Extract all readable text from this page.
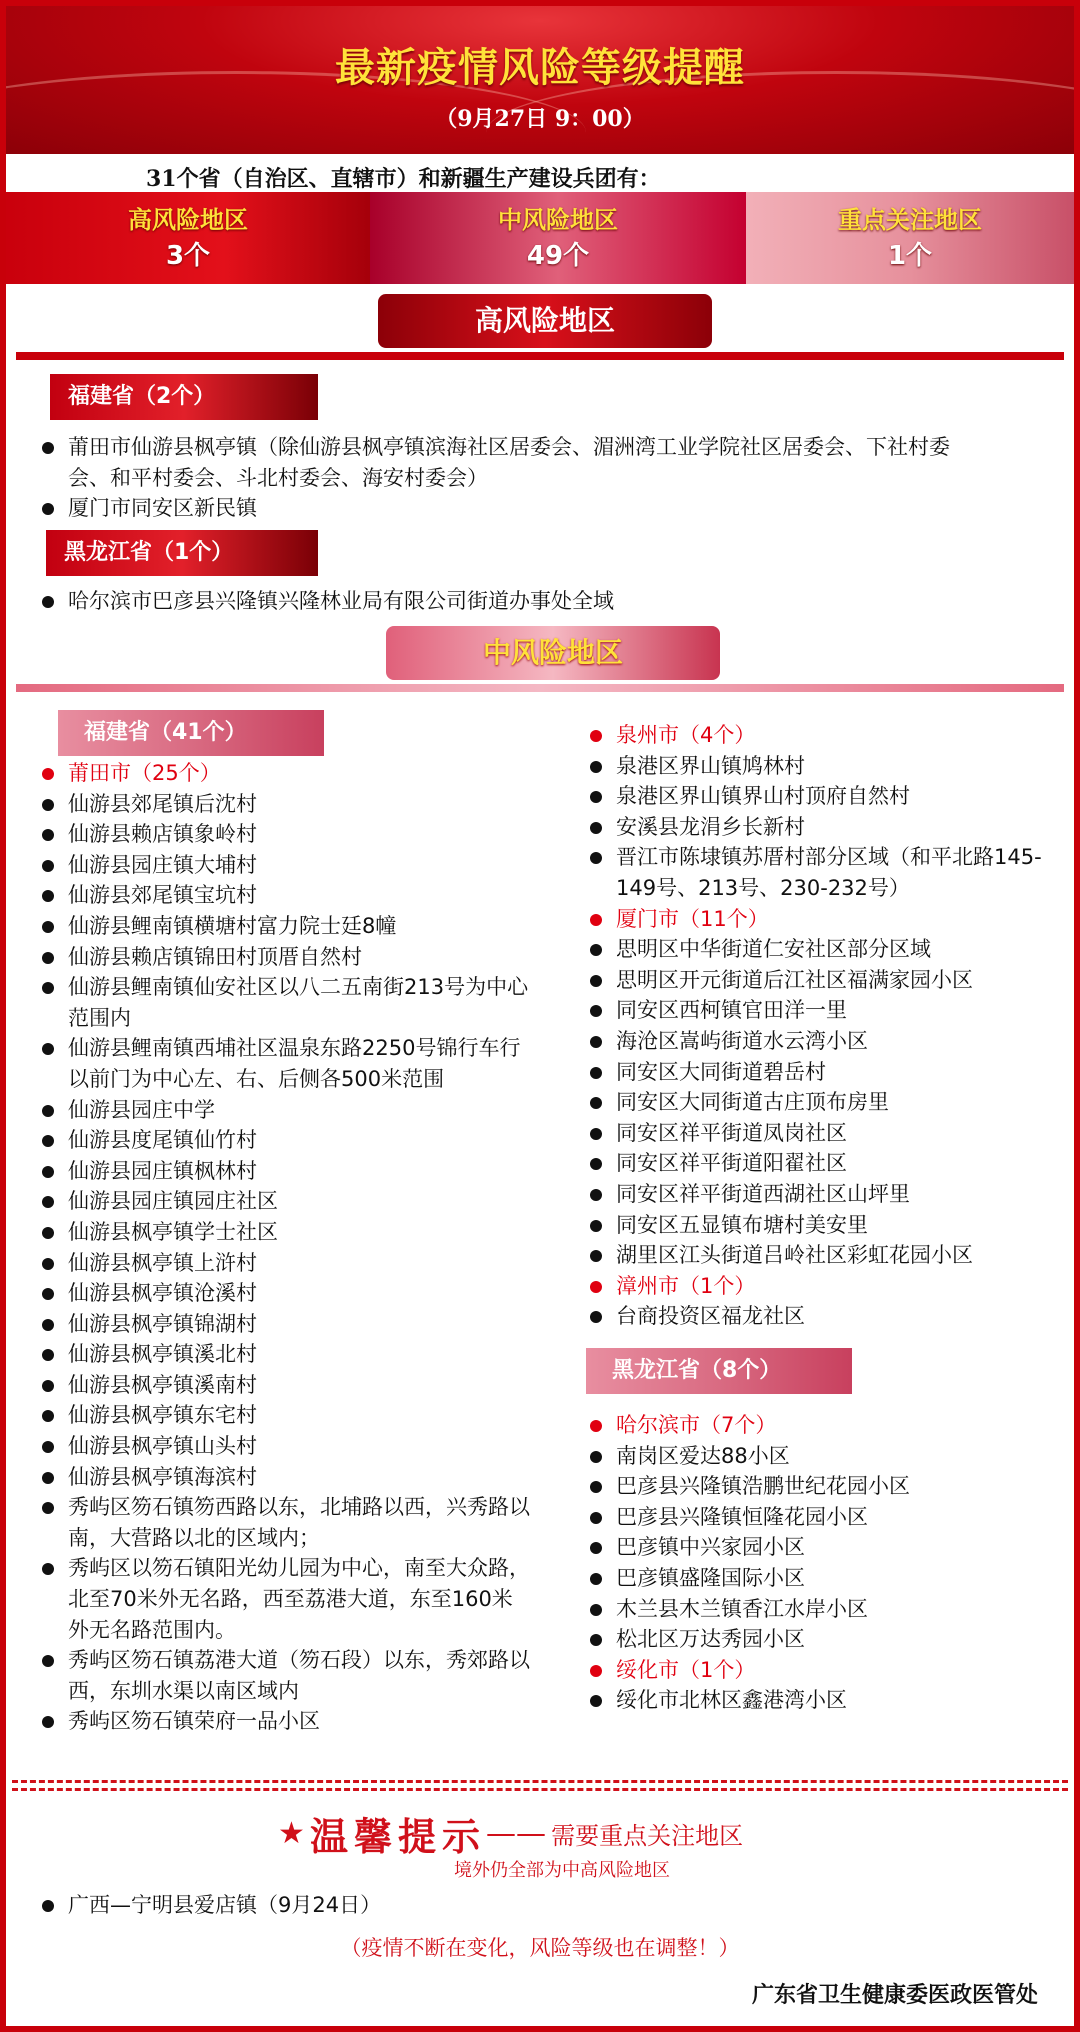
最新疫情风险等级提醒
（9月27日 9：00）
31个省（自治区、直辖市）和新疆生产建设兵团有：
高风险地区
3个
中风险地区
49个
重点关注地区
1个
高风险地区
福建省（2个）
莆田市仙游县枫亭镇（除仙游县枫亭镇滨海社区居委会、湄洲湾工业学院社区居委会、下社村委会、和平村委会、斗北村委会、海安村委会）
厦门市同安区新民镇
黑龙江省（1个）
哈尔滨市巴彦县兴隆镇兴隆林业局有限公司街道办事处全域
中风险地区
福建省（41个）
莆田市（25个）
仙游县郊尾镇后沈村
仙游县赖店镇象岭村
仙游县园庄镇大埔村
仙游县郊尾镇宝坑村
仙游县鲤南镇横塘村富力院士廷8幢
仙游县赖店镇锦田村顶厝自然村
仙游县鲤南镇仙安社区以八二五南街213号为中心范围内
仙游县鲤南镇西埔社区温泉东路2250号锦行车行以前门为中心左、右、后侧各500米范围
仙游县园庄中学
仙游县度尾镇仙竹村
仙游县园庄镇枫林村
仙游县园庄镇园庄社区
仙游县枫亭镇学士社区
仙游县枫亭镇上浒村
仙游县枫亭镇沧溪村
仙游县枫亭镇锦湖村
仙游县枫亭镇溪北村
仙游县枫亭镇溪南村
仙游县枫亭镇东宅村
仙游县枫亭镇山头村
仙游县枫亭镇海滨村
秀屿区笏石镇笏西路以东，北埔路以西，兴秀路以南，大营路以北的区域内；
秀屿区以笏石镇阳光幼儿园为中心，南至大众路，北至70米外无名路，西至荔港大道，东至160米外无名路范围内。
秀屿区笏石镇荔港大道（笏石段）以东，秀郊路以西，东圳水渠以南区域内
秀屿区笏石镇荣府一品小区
泉州市（4个）
泉港区界山镇鸠林村
泉港区界山镇界山村顶府自然村
安溪县龙涓乡长新村
晋江市陈埭镇苏厝村部分区域（和平北路145-149号、213号、230-232号）
厦门市（11个）
思明区中华街道仁安社区部分区域
思明区开元街道后江社区福满家园小区
同安区西柯镇官田洋一里
海沧区嵩屿街道水云湾小区
同安区大同街道碧岳村
同安区大同街道古庄顶布房里
同安区祥平街道凤岗社区
同安区祥平街道阳翟社区
同安区祥平街道西湖社区山坪里
同安区五显镇布塘村美安里
湖里区江头街道吕岭社区彩虹花园小区
漳州市（1个）
台商投资区福龙社区
黑龙江省（8个）
哈尔滨市（7个）
南岗区爱达88小区
巴彦县兴隆镇浩鹏世纪花园小区
巴彦县兴隆镇恒隆花园小区
巴彦镇中兴家园小区
巴彦镇盛隆国际小区
木兰县木兰镇香江水岸小区
松北区万达秀园小区
绥化市（1个）
绥化市北林区鑫港湾小区
★ 温馨提示—— 需要重点关注地区
境外仍全部为中高风险地区
广西—宁明县爱店镇（9月24日）
（疫情不断在变化，风险等级也在调整！）
广东省卫生健康委医政医管处
